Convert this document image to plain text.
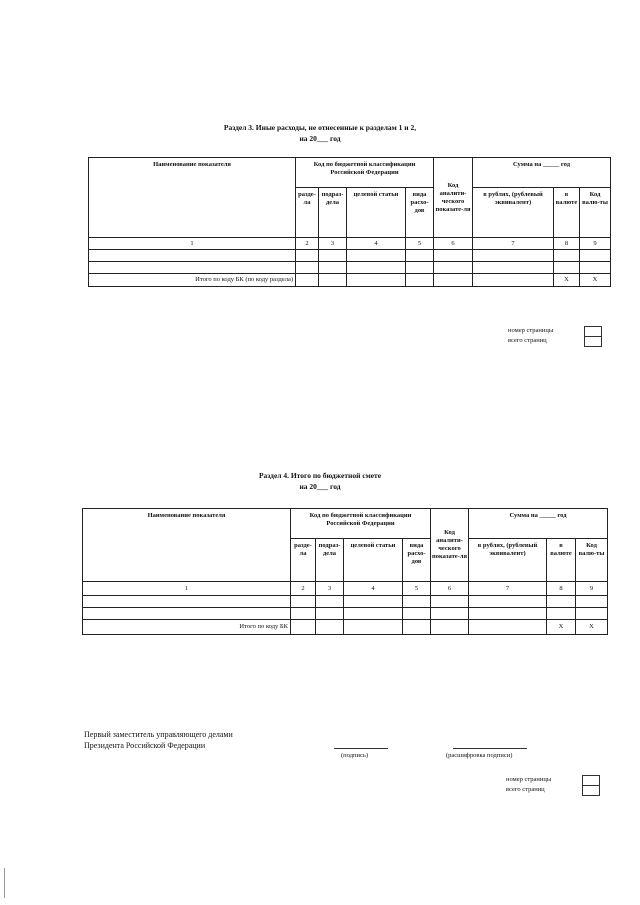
Раздел 3. Иные расходы, не отнесенные к разделам 1 и 2,
на 20___ год
Наименование показателя	Код по бюджетной классификации Российской Федерации				Код аналити-ческого показате-ля	Сумма на _____ год		
	разде-ла	подраз-дела	целевой статьи	вида расхо-дов		в рублях, (рублевый эквивалент)	в валюте	Код валю-ты
1	2	3	4	5	6	7	8	9

Итого по коду БК (по коду раздела)							Х	Х
номер страницы
всего страниц
Раздел 4. Итого по бюджетной смете
на 20___ год
Наименование показателя	Код по бюджетной классификации Российской Федерации				Код аналити-ческого показате-ля	Сумма на _____ год		
	разде-ла	подраз-дела	целевой статьи	вида расхо-дов		в рублях, (рублевый эквивалент)	в валюте	Код валю-ты
1	2	3	4	5	6	7	8	9

Итого по коду БК							Х	Х
Первый заместитель управляющего делами
Президента Российской Федерации
(подпись)	(расшифровка подписи)
номер страницы
всего страниц
